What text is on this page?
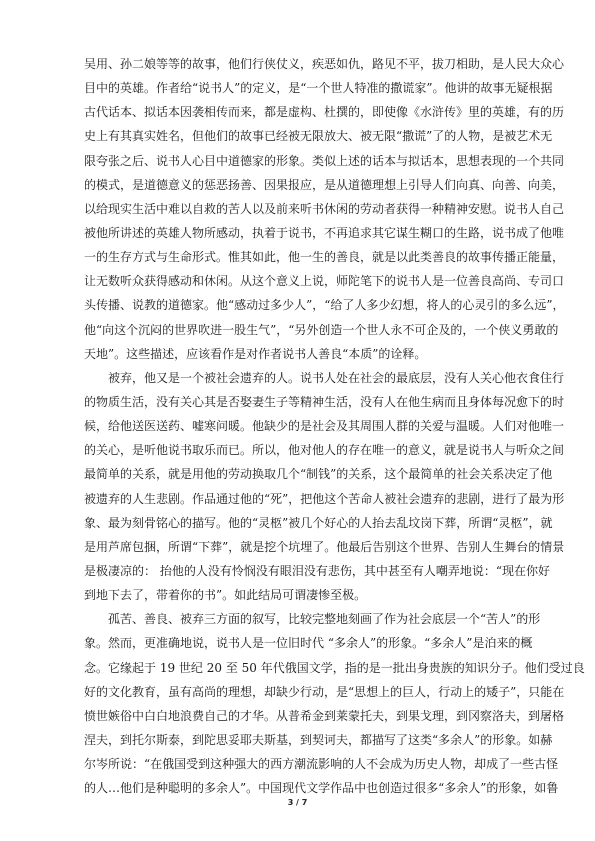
吴用、孙二娘等等的故事，他们行侠仗义，疾恶如仇，路见不平，拔刀相助，是人民大众心
目中的英雄。作者给“说书人”的定义，是“一个世人特准的撒谎家”。他讲的故事无疑根据
古代话本、拟话本因袭相传而来，都是虚构、杜撰的，即使像《水浒传》里的英雄，有的历
史上有其真实姓名，但他们的故事已经被无限放大、被无限“撒谎”了的人物，是被艺术无
限夸张之后、说书人心目中道德家的形象。类似上述的话本与拟话本，思想表现的一个共同
的模式，是道德意义的惩恶扬善、因果报应，是从道德理想上引导人们向真、向善、向美，
以给现实生活中难以自救的苦人以及前来听书休闲的劳动者获得一种精神安慰。说书人自己
被他所讲述的英雄人物所感动，执着于说书，不再追求其它谋生糊口的生路，说书成了他唯
一的生存方式与生命形式。惟其如此，他一生的善良，就是以此类善良的故事传播正能量，
让无数听众获得感动和休闲。从这个意义上说，师陀笔下的说书人是一位善良高尚、专司口
头传播、说教的道德家。他“感动过多少人”，“给了人多少幻想，将人的心灵引的多么远”，
他“向这个沉闷的世界吹进一股生气”，“另外创造一个世人永不可企及的，一个侠义勇敢的
天地”。这些描述，应该看作是对作者说书人善良“本质”的诠释。
被弃，他又是一个被社会遗弃的人。说书人处在社会的最底层，没有人关心他衣食住行
的物质生活，没有关心其是否娶妻生子等精神生活，没有人在他生病而且身体每况愈下的时
候，给他送医送药、嘘寒问暖。他缺少的是社会及其周围人群的关爱与温暖。人们对他唯一
的关心，是听他说书取乐而已。所以，他对他人的存在唯一的意义，就是说书人与听众之间
最简单的关系，就是用他的劳动换取几个“制钱”的关系，这个最简单的社会关系决定了他
被遗弃的人生悲剧。作品通过他的“死”，把他这个苦命人被社会遗弃的悲剧，进行了最为形
象、最为刻骨铭心的描写。他的“灵柩”被几个好心的人抬去乱坟岗下葬，所谓“灵柩”，就
是用芦席包捆，所谓“下葬”，就是挖个坑埋了。他最后告别这个世界、告别人生舞台的情景
是极凄凉的： 抬他的人没有怜悯没有眼泪没有悲伤，其中甚至有人嘲弄地说：“现在你好
到地下去了，带着你的书”。如此结局可谓凄惨至极。
孤苦、善良、被弃三方面的叙写，比较完整地刻画了作为社会底层一个“苦人”的形
象。然而，更准确地说，说书人是一位旧时代 “多余人”的形象。“多余人”是泊来的概
念。它缘起于 19 世纪 20 至 50 年代俄国文学，指的是一批出身贵族的知识分子。他们受过良
好的文化教育，虽有高尚的理想，却缺少行动，是“思想上的巨人，行动上的矮子”，只能在
愤世嫉俗中白白地浪费自己的才华。从普希金到莱蒙托夫，到果戈理，到冈察洛夫，到屠格
涅夫，到托尔斯泰，到陀思妥耶夫斯基，到契诃夫，都描写了这类“多余人”的形象。如赫
尔岑所说：“在俄国受到这种强大的西方潮流影响的人不会成为历史人物，却成了一些古怪
的人…他们是种聪明的多余人”。中国现代文学作品中也创造过很多“多余人”的形象，如鲁
3 / 7
